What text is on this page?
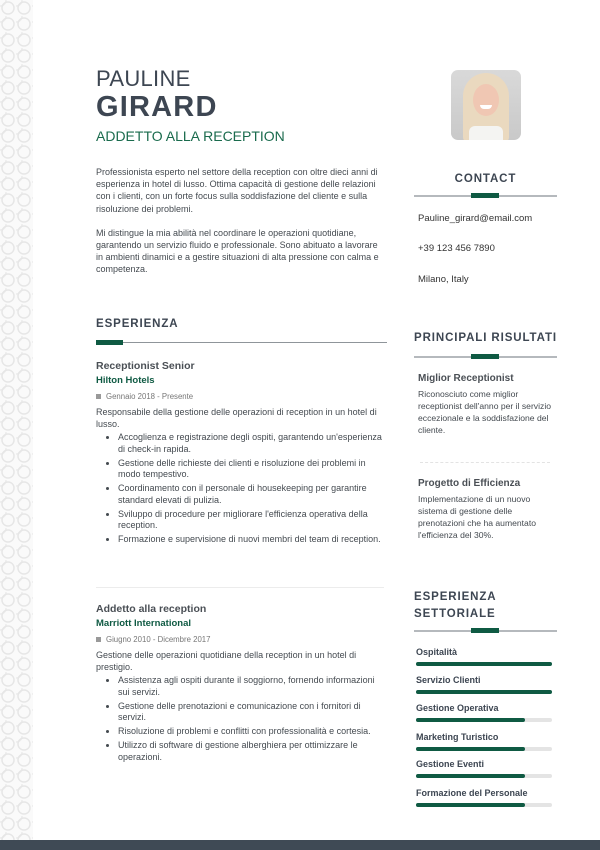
PAULINE
GIRARD
ADDETTO ALLA RECEPTION

Professionista esperto nel settore della reception con oltre dieci anni di esperienza in hotel di lusso. Ottima capacità di gestione delle relazioni con i clienti, con un forte focus sulla soddisfazione del cliente e sulla risoluzione dei problemi.

Mi distingue la mia abilità nel coordinare le operazioni quotidiane, garantendo un servizio fluido e professionale. Sono abituato a lavorare in ambienti dinamici e a gestire situazioni di alta pressione con calma e competenza.

CONTACT
Pauline_girard@email.com
+39 123 456 7890
Milano, Italy
ESPERIENZA
Receptionist Senior
Hilton Hotels
Gennaio 2018 - Presente
Responsabile della gestione delle operazioni di reception in un hotel di lusso.
• Accoglienza e registrazione degli ospiti, garantendo un'esperienza di check-in rapida.
• Gestione delle richieste dei clienti e risoluzione dei problemi in modo tempestivo.
• Coordinamento con il personale di housekeeping per garantire standard elevati di pulizia.
• Sviluppo di procedure per migliorare l'efficienza operativa della reception.
• Formazione e supervisione di nuovi membri del team di reception.
Addetto alla reception
Marriott International
Giugno 2010 - Dicembre 2017
Gestione delle operazioni quotidiane della reception in un hotel di prestigio.
• Assistenza agli ospiti durante il soggiorno, fornendo informazioni sui servizi.
• Gestione delle prenotazioni e comunicazione con i fornitori di servizi.
• Risoluzione di problemi e conflitti con professionalità e cortesia.
• Utilizzo di software di gestione alberghiera per ottimizzare le operazioni.
PRINCIPALI RISULTATI
Miglior Receptionist
Riconosciuto come miglior receptionist dell'anno per il servizio eccezionale e la soddisfazione del cliente.
Progetto di Efficienza
Implementazione di un nuovo sistema di gestione delle prenotazioni che ha aumentato l'efficienza del 30%.
ESPERIENZA
SETTORIALE
Ospitalità
Servizio Clienti
Gestione Operativa
Marketing Turistico
Gestione Eventi
Formazione del Personale
